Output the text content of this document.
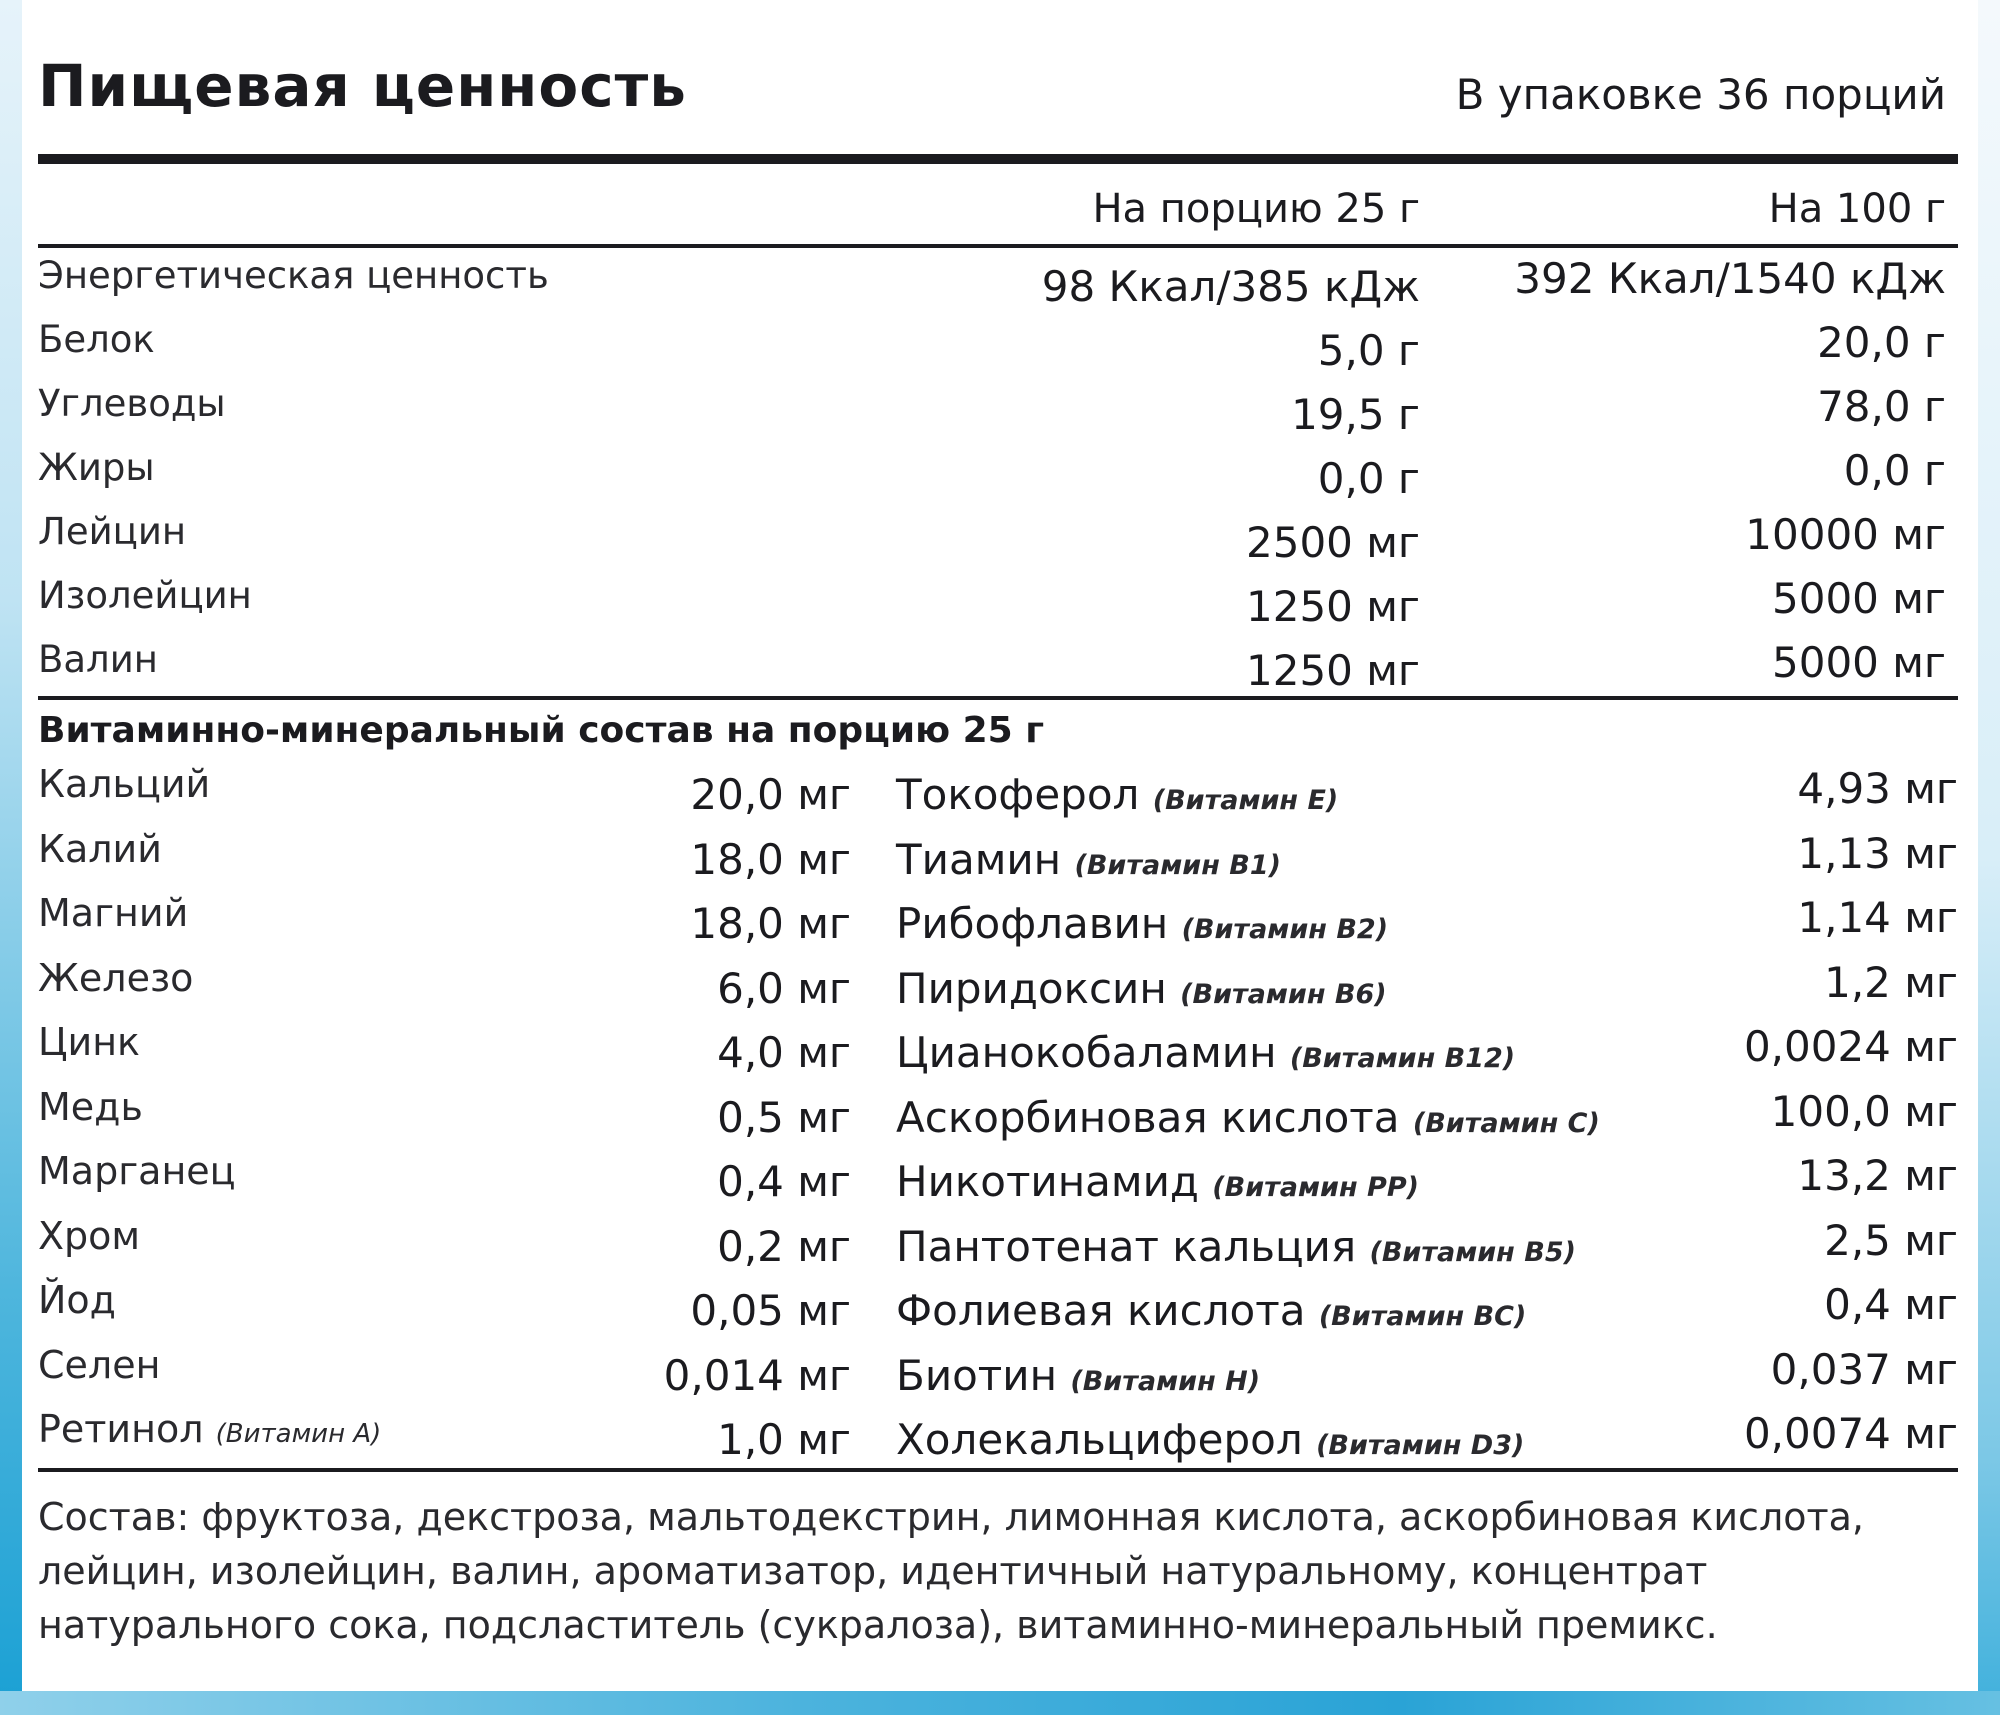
Пищевая ценность	В упаковке 36 порций
На порцию 25 г	На 100 г
Энергетическая ценность	98 Ккал/385 кДж 392 Ккал/1540 кДж
Белок	5,0 г	20,0 г
Углеводы	19,5 г	78,0 г
Жиры	0,0 г	0,0 г
Лейцин	2500 мг	10000 мг
Изолейцин	1250 мг	5000 мг
Валин	1250 мг	5000 мг
Витаминно-минеральный состав на порцию 25 г
Кальций	20,0 мг Токоферол (Витамин Е)	4,93 мг
Калий	18,0 мг Тиамин (Витамин В1)	1,13 мг
Магний	18,0 мг Рибофлавин (Витамин В2)	1,14 мг
Железо	6,0 мг Пиридоксин (Витамин В6)	1,2 мг
Цинк	4,0 мг Цианокобаламин (Витамин В12)	0,0024 мг
Медь	0,5 мг Аскорбиновая кислота (Витамин С)	100,0 мг
Марганец	0,4 мг Никотинамид (Витамин РР)	13,2 мг
Хром	0,2 мг Пантотенат кальция (Витамин В5)	2,5 мг
Йод	0,05 мг Фолиевая кислота (Витамин ВС)	0,4 мг
Селен	0,014 мг Биотин (Витамин Н)	0,037 мг
Ретинол (Витамин А)	1,0 мг Холекальциферол (Витамин D3)	0,0074 мг
Состав: фруктоза, декстроза, мальтодекстрин, лимонная кислота, аскорбиновая кислота, лейцин, изолейцин, валин, ароматизатор, идентичный натуральному, концентрат натурального сока, подсластитель (сукралоза), витаминно-минеральный премикс.
